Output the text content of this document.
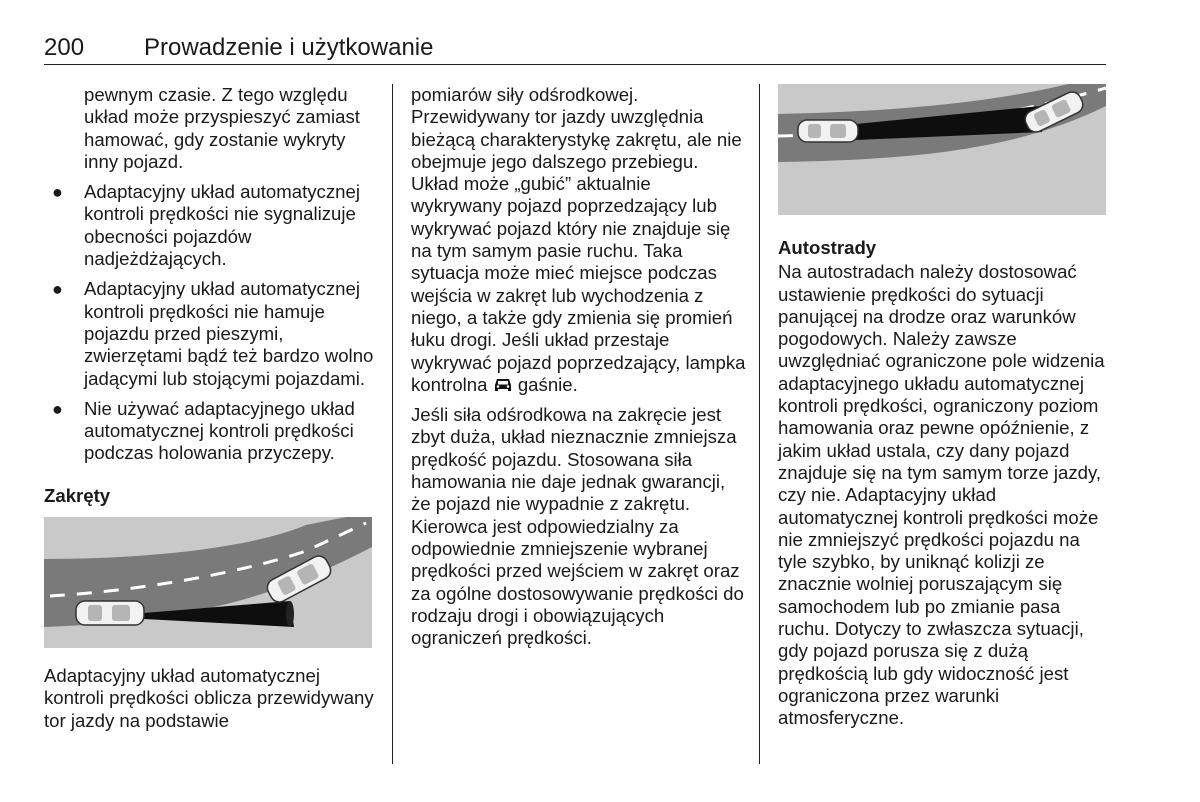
200 Prowadzenie i użytkowanie
pewnym czasie. Z tego względu układ może przyspieszyć zamiast hamować, gdy zostanie wykryty inny pojazd.
● Adaptacyjny układ automatycznej kontroli prędkości nie sygnalizuje obecności pojazdów nadjeżdżających.
● Adaptacyjny układ automatycznej kontroli prędkości nie hamuje pojazdu przed pieszymi, zwierzętami bądź też bardzo wolno jadącymi lub stojącymi pojazdami.
● Nie używać adaptacyjnego układ automatycznej kontroli prędkości podczas holowania przyczepy.
Zakręty
Adaptacyjny układ automatycznej kontroli prędkości oblicza przewidywany tor jazdy na podstawie

pomiarów siły odśrodkowej. Przewidywany tor jazdy uwzględnia bieżącą charakterystykę zakrętu, ale nie obejmuje jego dalszego przebiegu. Układ może „gubić” aktualnie wykrywany pojazd poprzedzający lub wykrywać pojazd który nie znajduje się na tym samym pasie ruchu. Taka sytuacja może mieć miejsce podczas wejścia w zakręt lub wychodzenia z niego, a także gdy zmienia się promień łuku drogi. Jeśli układ przestaje wykrywać pojazd poprzedzający, lampka kontrolna gaśnie.

Jeśli siła odśrodkowa na zakręcie jest zbyt duża, układ nieznacznie zmniejsza prędkość pojazdu. Stosowana siła hamowania nie daje jednak gwarancji, że pojazd nie wypadnie z zakrętu. Kierowca jest odpowiedzialny za odpowiednie zmniejszenie wybranej prędkości przed wejściem w zakręt oraz za ogólne dostosowywanie prędkości do rodzaju drogi i obowiązujących ograniczeń prędkości.

Autostrady
Na autostradach należy dostosować ustawienie prędkości do sytuacji panującej na drodze oraz warunków pogodowych. Należy zawsze uwzględniać ograniczone pole widzenia adaptacyjnego układu automatycznej kontroli prędkości, ograniczony poziom hamowania oraz pewne opóźnienie, z jakim układ ustala, czy dany pojazd znajduje się na tym samym torze jazdy, czy nie. Adaptacyjny układ automatycznej kontroli prędkości może nie zmniejszyć prędkości pojazdu na tyle szybko, by uniknąć kolizji ze znacznie wolniej poruszającym się samochodem lub po zmianie pasa ruchu. Dotyczy to zwłaszcza sytuacji, gdy pojazd porusza się z dużą prędkością lub gdy widoczność jest ograniczona przez warunki atmosferyczne.
